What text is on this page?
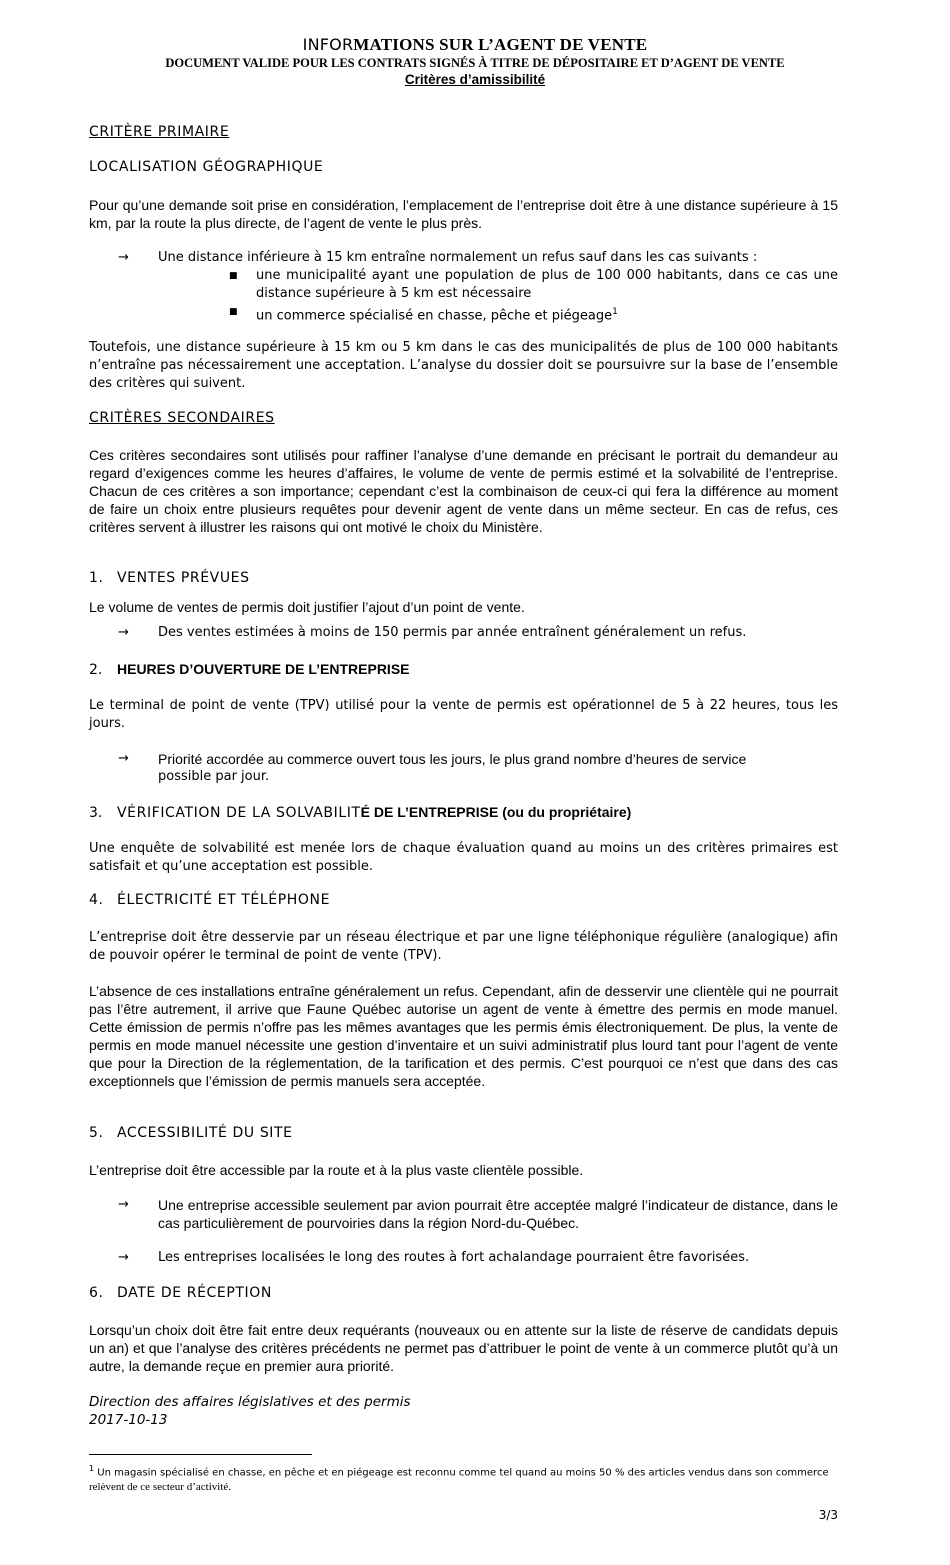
INFORMATIONS SUR L’AGENT DE VENTE
DOCUMENT VALIDE POUR LES CONTRATS SIGNÉS À TITRE DE DÉPOSITAIRE ET D’AGENT DE VENTE
Critères d’amissibilité
CRITÈRE PRIMAIRE
LOCALISATION GÉOGRAPHIQUE
Pour qu’une demande soit prise en considération, l’emplacement de l’entreprise doit être à une distance supérieure à 15 km, par la route la plus directe, de l’agent de vente le plus près.
→ Une distance inférieure à 15 km entraîne normalement un refus sauf dans les cas suivants :
■ une municipalité ayant une population de plus de 100 000 habitants, dans ce cas une distance supérieure à 5 km est nécessaire
■ un commerce spécialisé en chasse, pêche et piégeage$^1$
Toutefois, une distance supérieure à 15 km ou 5 km dans le cas des municipalités de plus de 100 000 habitants n’entraîne pas nécessairement une acceptation. L’analyse du dossier doit se poursuivre sur la base de l’ensemble des critères qui suivent.
CRITÈRES SECONDAIRES
Ces critères secondaires sont utilisés pour raffiner l’analyse d’une demande en précisant le portrait du demandeur au regard d’exigences comme les heures d’affaires, le volume de vente de permis estimé et la solvabilité de l’entreprise. Chacun de ces critères a son importance; cependant c’est la combinaison de ceux-ci qui fera la différence au moment de faire un choix entre plusieurs requêtes pour devenir agent de vente dans un même secteur. En cas de refus, ces critères servent à illustrer les raisons qui ont motivé le choix du Ministère.
1. VENTES PRÉVUES
Le volume de ventes de permis doit justifier l’ajout d’un point de vente.
→ Des ventes estimées à moins de 150 permis par année entraînent généralement un refus.
2. HEURES D’OUVERTURE DE L’ENTREPRISE
Le terminal de point de vente (TPV) utilisé pour la vente de permis est opérationnel de 5 à 22 heures, tous les jours.
→ Priorité accordée au commerce ouvert tous les jours, le plus grand nombre d’heures de service
possible par jour.
3. VÉRIFICATION DE LA SOLVABILITÉ DE L’ENTREPRISE (ou du propriétaire)
Une enquête de solvabilité est menée lors de chaque évaluation quand au moins un des critères primaires est satisfait et qu’une acceptation est possible.
4. ÉLECTRICITÉ ET TÉLÉPHONE
L’entreprise doit être desservie par un réseau électrique et par une ligne téléphonique régulière (analogique) afin de pouvoir opérer le terminal de point de vente (TPV).
L’absence de ces installations entraîne généralement un refus. Cependant, afin de desservir une clientèle qui ne pourrait pas l’être autrement, il arrive que Faune Québec autorise un agent de vente à émettre des permis en mode manuel. Cette émission de permis n’offre pas les mêmes avantages que les permis émis électroniquement. De plus, la vente de permis en mode manuel nécessite une gestion d’inventaire et un suivi administratif plus lourd tant pour l’agent de vente que pour la Direction de la réglementation, de la tarification et des permis. C’est pourquoi ce n’est que dans des cas exceptionnels que l’émission de permis manuels sera acceptée.
5. ACCESSIBILITÉ DU SITE
L’entreprise doit être accessible par la route et à la plus vaste clientèle possible.
→ Une entreprise accessible seulement par avion pourrait être acceptée malgré l’indicateur de distance, dans le cas particulièrement de pourvoiries dans la région Nord-du-Québec.
→ Les entreprises localisées le long des routes à fort achalandage pourraient être favorisées.
6. DATE DE RÉCEPTION
Lorsqu’un choix doit être fait entre deux requérants (nouveaux ou en attente sur la liste de réserve de candidats depuis un an) et que l’analyse des critères précédents ne permet pas d’attribuer le point de vente à un commerce plutôt qu’à un autre, la demande reçue en premier aura priorité.
Direction des affaires législatives et des permis
2017-10-13
$^1$ Un magasin spécialisé en chasse, en pêche et en piégeage est reconnu comme tel quand au moins 50 % des articles vendus dans son commerce
relèvent de ce secteur d’activité.
3/3
